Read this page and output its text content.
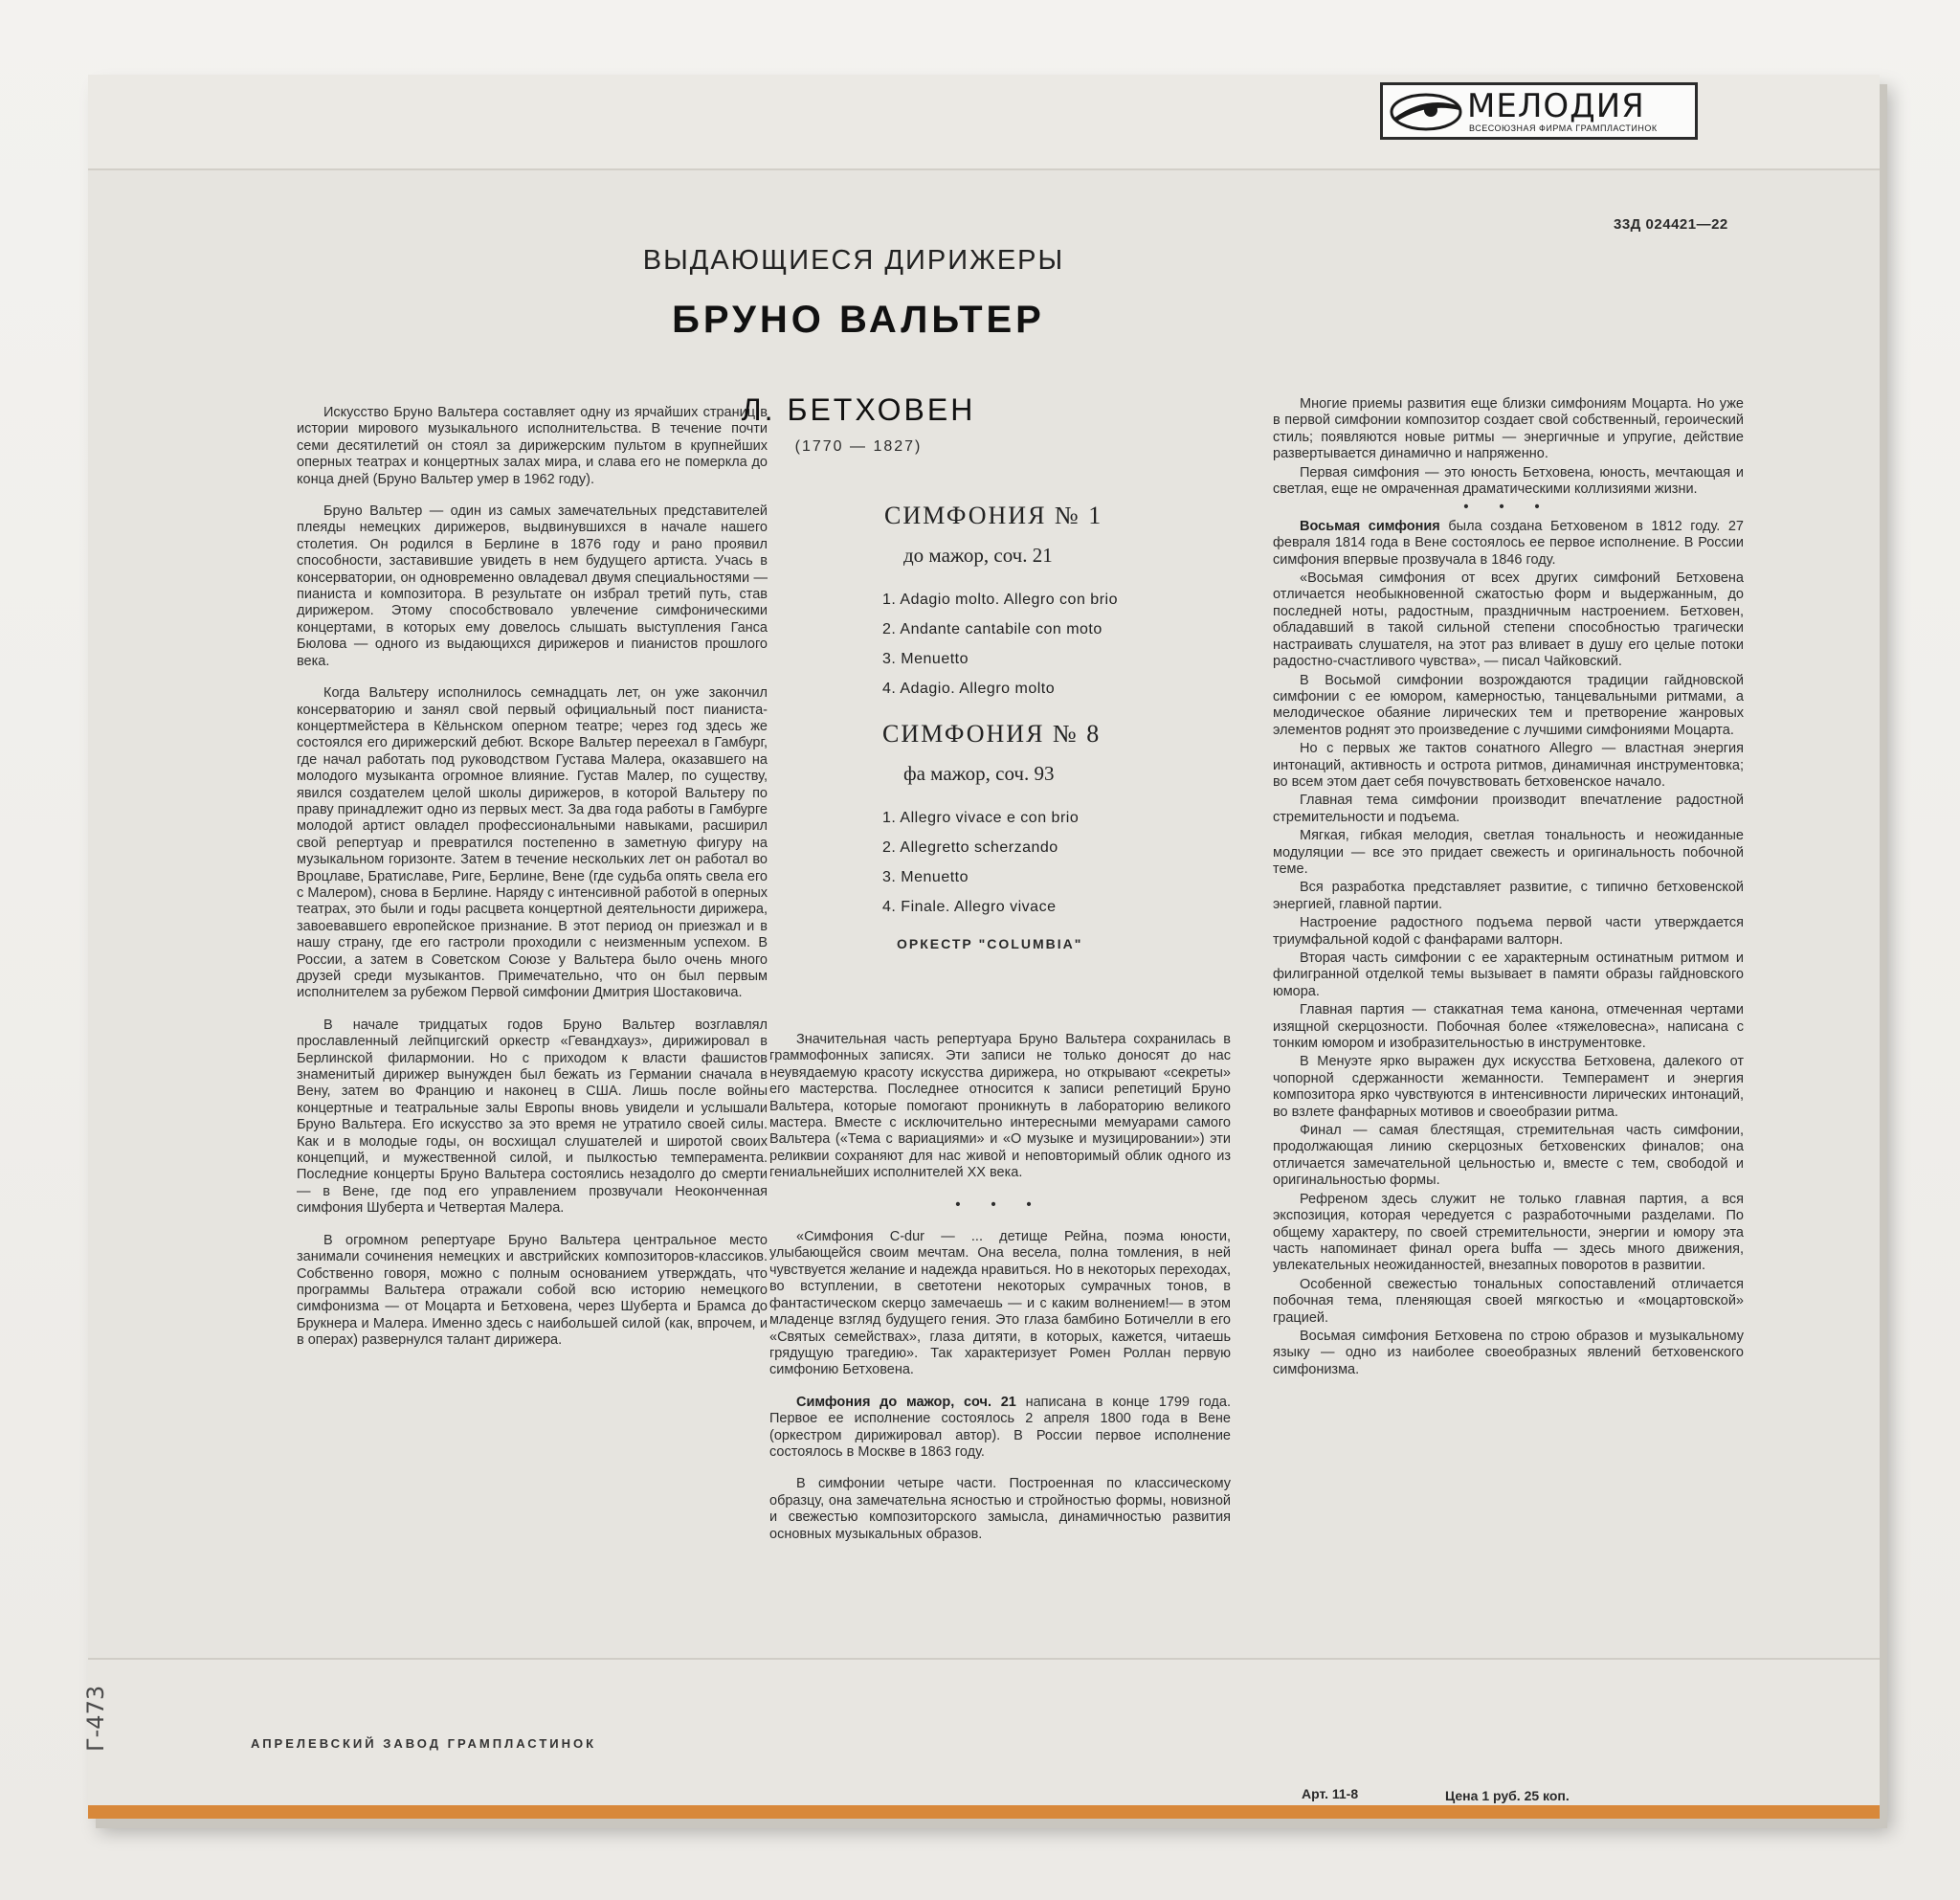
МЕЛОДИЯ
ВСЕСОЮЗНАЯ ФИРМА ГРАМПЛАСТИНОК
33Д 024421—22
ВЫДАЮЩИЕСЯ ДИРИЖЕРЫ
БРУНО ВАЛЬТЕР

Искусство Бруно Вальтера составляет одну из ярчайших страниц в истории мирового музыкального исполнительства. В течение почти семи десятилетий он стоял за дирижерским пультом в крупнейших оперных театрах и концертных залах мира, и слава его не померкла до конца дней (Бруно Вальтер умер в 1962 году).

Бруно Вальтер — один из самых замечательных представителей плеяды немецких дирижеров, выдвинувшихся в начале нашего столетия. Он родился в Берлине в 1876 году и рано проявил способности, заставившие увидеть в нем будущего артиста. Учась в консерватории, он одновременно овладевал двумя специальностями — пианиста и композитора. В результате он избрал третий путь, став дирижером. Этому способствовало увлечение симфоническими концертами, в которых ему довелось слышать выступления Ганса Бюлова — одного из выдающихся дирижеров и пианистов прошлого века.

Когда Вальтеру исполнилось семнадцать лет, он уже закончил консерваторию и занял свой первый официальный пост пианиста-концертмейстера в Кёльнском оперном театре; через год здесь же состоялся его дирижерский дебют. Вскоре Вальтер переехал в Гамбург, где начал работать под руководством Густава Малера, оказавшего на молодого музыканта огромное влияние. Густав Малер, по существу, явился создателем целой школы дирижеров, в которой Вальтеру по праву принадлежит одно из первых мест. За два года работы в Гамбурге молодой артист овладел профессиональными навыками, расширил свой репертуар и превратился постепенно в заметную фигуру на музыкальном горизонте. Затем в течение нескольких лет он работал во Вроцлаве, Братиславе, Риге, Берлине, Вене (где судьба опять свела его с Малером), снова в Берлине. Наряду с интенсивной работой в оперных театрах, это были и годы расцвета концертной деятельности дирижера, завоевавшего европейское признание. В этот период он приезжал и в нашу страну, где его гастроли проходили с неизменным успехом. В России, а затем в Советском Союзе у Вальтера было очень много друзей среди музыкантов. Примечательно, что он был первым исполнителем за рубежом Первой симфонии Дмитрия Шостаковича.

В начале тридцатых годов Бруно Вальтер возглавлял прославленный лейпцигский оркестр «Гевандхауз», дирижировал в Берлинской филармонии. Но с приходом к власти фашистов знаменитый дирижер вынужден был бежать из Германии сначала в Вену, затем во Францию и наконец в США. Лишь после войны концертные и театральные залы Европы вновь увидели и услышали Бруно Вальтера. Его искусство за это время не утратило своей силы. Как и в молодые годы, он восхищал слушателей и широтой своих концепций, и мужественной силой, и пылкостью темперамента. Последние концерты Бруно Вальтера состоялись незадолго до смерти — в Вене, где под его управлением прозвучали Неоконченная симфония Шуберта и Четвертая Малера.

В огромном репертуаре Бруно Вальтера центральное место занимали сочинения немецких и австрийских композиторов-классиков. Собственно говоря, можно с полным основанием утверждать, что программы Вальтера отражали собой всю историю немецкого симфонизма — от Моцарта и Бетховена, через Шуберта и Брамса до Брукнера и Малера. Именно здесь с наибольшей силой (как, впрочем, и в операх) развернулся талант дирижера.

Л. БЕТХОВЕН
(1770 — 1827)
СИМФОНИЯ № 1
до мажор, соч. 21
1. Adagio molto. Allegro con brio
2. Andante cantabile con moto
3. Menuetto
4. Adagio. Allegro molto
СИМФОНИЯ № 8
фа мажор, соч. 93
1. Allegro vivace e con brio
2. Allegretto scherzando
3. Menuetto
4. Finale. Allegro vivace
ОРКЕСТР "COLUMBIA"

Значительная часть репертуара Бруно Вальтера сохранилась в граммофонных записях. Эти записи не только доносят до нас неувядаемую красоту искусства дирижера, но открывают «секреты» его мастерства. Последнее относится к записи репетиций Бруно Вальтера, которые помогают проникнуть в лабораторию великого мастера. Вместе с исключительно интересными мемуарами самого Вальтера («Тема с вариациями» и «О музыке и музицировании») эти реликвии сохраняют для нас живой и неповторимый облик одного из гениальнейших исполнителей XX века.

• • •

«Симфония C-dur — ... детище Рейна, поэма юности, улыбающейся своим мечтам. Она весела, полна томления, в ней чувствуется желание и надежда нравиться. Но в некоторых переходах, во вступлении, в светотени некоторых сумрачных тонов, в фантастическом скерцо замечаешь — и с каким волнением!— в этом младенце взгляд будущего гения. Это глаза бамбино Ботичелли в его «Святых семействах», глаза дитяти, в которых, кажется, читаешь грядущую трагедию». Так характеризует Ромен Роллан первую симфонию Бетховена.

Симфония до мажор, соч. 21 написана в конце 1799 года. Первое ее исполнение состоялось 2 апреля 1800 года в Вене (оркестром дирижировал автор). В России первое исполнение состоялось в Москве в 1863 году.

В симфонии четыре части. Построенная по классическому образцу, она замечательна ясностью и стройностью формы, новизной и свежестью композиторского замысла, динамичностью развития основных музыкальных образов.

Многие приемы развития еще близки симфониям Моцарта. Но уже в первой симфонии композитор создает свой собственный, героический стиль; появляются новые ритмы — энергичные и упругие, действие развертывается динамично и напряженно.

Первая симфония — это юность Бетховена, юность, мечтающая и светлая, еще не омраченная драматическими коллизиями жизни.

• • •

Восьмая симфония была создана Бетховеном в 1812 году. 27 февраля 1814 года в Вене состоялось ее первое исполнение. В России симфония впервые прозвучала в 1846 году.

«Восьмая симфония от всех других симфоний Бетховена отличается необыкновенной сжатостью форм и выдержанным, до последней ноты, радостным, праздничным настроением. Бетховен, обладавший в такой сильной степени способностью трагически настраивать слушателя, на этот раз вливает в душу его целые потоки радостно-счастливого чувства», — писал Чайковский.

В Восьмой симфонии возрождаются традиции гайдновской симфонии с ее юмором, камерностью, танцевальными ритмами, а мелодическое обаяние лирических тем и претворение жанровых элементов роднят это произведение с лучшими симфониями Моцарта.

Но с первых же тактов сонатного Allegro — властная энергия интонаций, активность и острота ритмов, динамичная инструментовка; во всем этом дает себя почувствовать бетховенское начало.

Главная тема симфонии производит впечатление радостной стремительности и подъема.

Мягкая, гибкая мелодия, светлая тональность и неожиданные модуляции — все это придает свежесть и оригинальность побочной теме.

Вся разработка представляет развитие, с типично бетховенской энергией, главной партии.

Настроение радостного подъема первой части утверждается триумфальной кодой с фанфарами валторн.

Вторая часть симфонии с ее характерным остинатным ритмом и филигранной отделкой темы вызывает в памяти образы гайдновского юмора.

Главная партия — стаккатная тема канона, отмеченная чертами изящной скерцозности. Побочная более «тяжеловесна», написана с тонким юмором и изобразительностью в инструментовке.

В Менуэте ярко выражен дух искусства Бетховена, далекого от чопорной сдержанности жеманности. Темперамент и энергия композитора ярко чувствуются в интенсивности лирических интонаций, во взлете фанфарных мотивов и своеобразии ритма.

Финал — самая блестящая, стремительная часть симфонии, продолжающая линию скерцозных бетховенских финалов; она отличается замечательной цельностью и, вместе с тем, свободой и оригинальностью формы.

Рефреном здесь служит не только главная партия, а вся экспозиция, которая чередуется с разработочными разделами. По общему характеру, по своей стремительности, энергии и юмору эта часть напоминает финал opera buffa — здесь много движения, увлекательных неожиданностей, внезапных поворотов в развитии.

Особенной свежестью тональных сопоставлений отличается побочная тема, пленяющая своей мягкостью и «моцартовской» грацией.

Восьмая симфония Бетховена по строю образов и музыкальному языку — одно из наиболее своеобразных явлений бетховенского симфонизма.

АПРЕЛЕВСКИЙ ЗАВОД ГРАМПЛАСТИНОК
Арт. 11-8	Цена 1 руб. 25 коп.
Г-473
